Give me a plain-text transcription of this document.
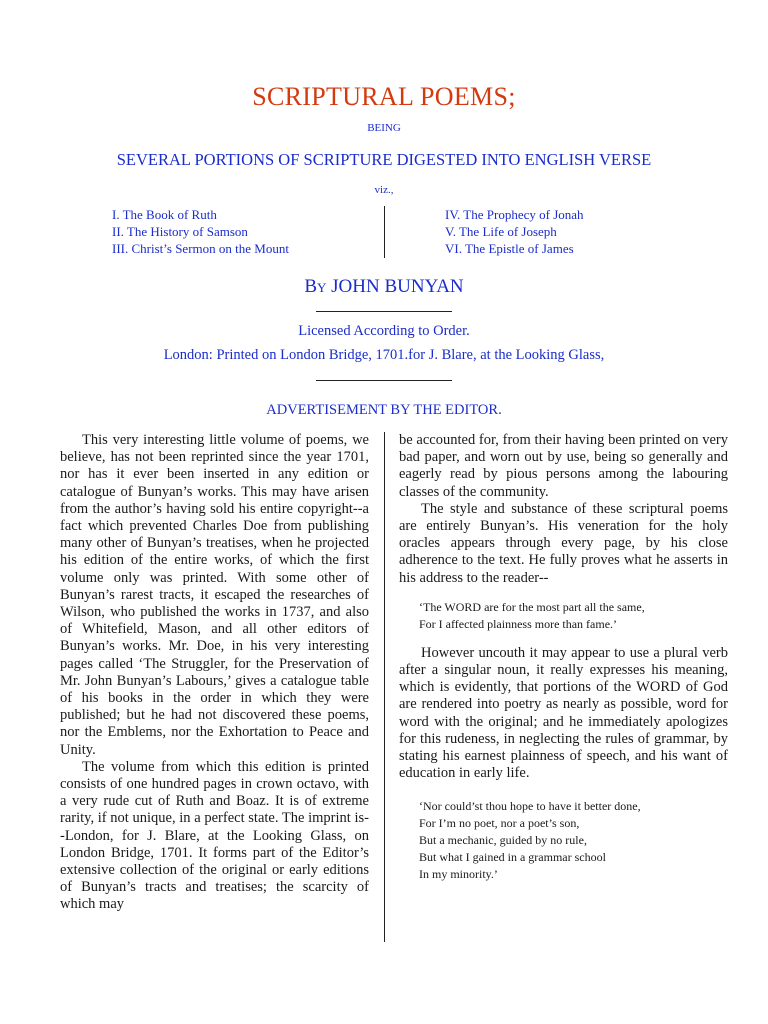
SCRIPTURAL POEMS;
BEING
SEVERAL PORTIONS OF SCRIPTURE DIGESTED INTO ENGLISH VERSE
viz.,
I. The Book of Ruth
II. The History of Samson
III. Christ’s Sermon on the Mount
IV. The Prophecy of Jonah
V. The Life of Joseph
VI. The Epistle of James
By JOHN BUNYAN
Licensed According to Order.
London: Printed on London Bridge, 1701.for J. Blare, at the Looking Glass,
ADVERTISEMENT BY THE EDITOR.

This very interesting little volume of poems, we believe, has not been reprinted since the year 1701, nor has it ever been inserted in any edition or catalogue of Bunyan’s works. This may have arisen from the author’s having sold his entire copyright--a fact which prevented Charles Doe from publishing many other of Bunyan’s treatises, when he projected his edition of the entire works, of which the first volume only was printed. With some other of Bunyan’s rarest tracts, it escaped the researches of Wilson, who published the works in 1737, and also of Whitefield, Mason, and all other editors of Bunyan’s works. Mr. Doe, in his very interesting pages called ‘The Struggler, for the Preservation of Mr. John Bunyan’s Labours,’ gives a catalogue table of his books in the order in which they were published; but he had not discovered these poems, nor the Emblems, nor the Exhortation to Peace and Unity.

The volume from which this edition is printed consists of one hundred pages in crown octavo, with a very rude cut of Ruth and Boaz. It is of extreme rarity, if not unique, in a perfect state. The imprint is--London, for J. Blare, at the Looking Glass, on London Bridge, 1701. It forms part of the Editor’s extensive collection of the original or early editions of Bunyan’s tracts and treatises; the scarcity of which may

be accounted for, from their having been printed on very bad paper, and worn out by use, being so generally and eagerly read by pious persons among the labouring classes of the community.

The style and substance of these scriptural poems are entirely Bunyan’s. His veneration for the holy oracles appears through every page, by his close adherence to the text. He fully proves what he asserts in his address to the reader--

‘The WORD are for the most part all the same,
For I affected plainness more than fame.’

However uncouth it may appear to use a plural verb after a singular noun, it really expresses his meaning, which is evidently, that portions of the WORD of God are rendered into poetry as nearly as possible, word for word with the original; and he immediately apologizes for this rudeness, in neglecting the rules of grammar, by stating his earnest plainness of speech, and his want of education in early life.

‘Nor could’st thou hope to have it better done,
For I’m no poet, nor a poet’s son,
But a mechanic, guided by no rule,
But what I gained in a grammar school
In my minority.’
